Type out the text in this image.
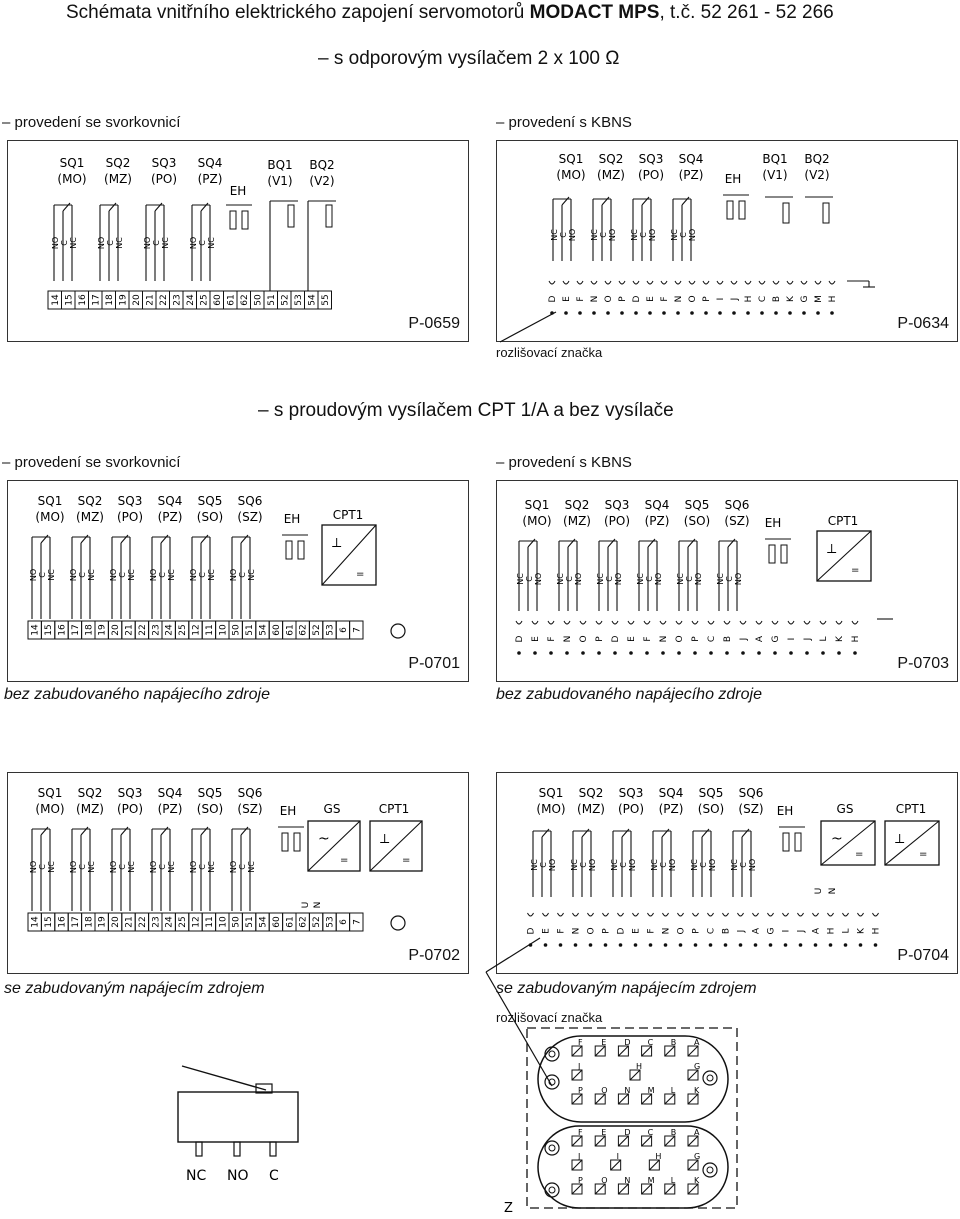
Schémata vnitřního elektrického zapojení servomotorů MODACT MPS, t.č. 52 261 - 52 266
– s odporovým vysílačem 2 x 100 Ω
– s proudovým vysílačem CPT 1/A a bez vysílače
– provedení se svorkovnicí	– provedení s KBNS
– provedení se svorkovnicí	– provedení s KBNS
rozlišovací značka
rozlišovací značka
bez zabudovaného napájecího zdroje	bez zabudovaného napájecího zdroje
se zabudovaným napájecím zdrojem	se zabudovaným napájecím zdrojem
SQ1
(MO)
SQ2
(MZ)
SQ3
(PO)
SQ4
(PZ)
NO C NC NO C NC NO C NC NO C NC
EH
BQ1
(V1)
BQ2
(V2)
14 15 16 17 18 19 20 21 22 23 24 25 60 61 62 50 51 52 53 54 55
P-0659
SQ1
(MO)
SQ2
(MZ)
SQ3
(PO)
SQ4
(PZ)
NC C NO NC C NO NC C NO NC C NO
EH
BQ1
(V1)
BQ2
(V2)
D E F N O P D E F N O P I J H C B K G M H
P-0634
SQ1
(MO)
SQ2
(MZ)
SQ3
(PO)
SQ4
(PZ)
SQ5
(SO)
SQ6
(SZ)
NO C NC NO C NC NO C NC NO C NC NO C NC NO C NC
EH	CPT1
⟂
=
14 15 16 17 18 19 20 21 22 23 24 25 12 11 10 50 51 54 60 61 62 52 53 6 7
P-0701
SQ1
(MO)
SQ2
(MZ)
SQ3
(PO)
SQ4
(PZ)
SQ5
(SO)
SQ6
(SZ)
NC C NO NC C NO NC C NO NC C NO NC C NO NC C NO
EH	CPT1
⟂
=
D E F N O P D E F N O P C B J A G I J L K H
P-0703
SQ1
(MO)
SQ2
(MZ)
SQ3
(PO)
SQ4
(PZ)
SQ5
(SO)
SQ6
(SZ)
NO C NC NO C NC NO C NC NO C NC NO C NC NO C NC
EH GS
~
=
CPT1
⟂
=
U N
14 15 16 17 18 19 20 21 22 23 24 25 12 11 10 50 51 54 60 61 62 52 53 6 7
P-0702
SQ1
(MO)
SQ2
(MZ)
SQ3
(PO)
SQ4
(PZ)
SQ5
(SO)
SQ6
(SZ)
NC C NO NC C NO NC C NO NC C NO NC C NO NC C NO
EH	GS
~
=
CPT1
⟂
=
U N
D E F N O P D E F N O P C B J A G I J A H L K H
P-0704
NC NO C
F E D C B A
J	H	G
P O N M L K
F E D C B A
J	I	H	G
P O N M L K
Z
